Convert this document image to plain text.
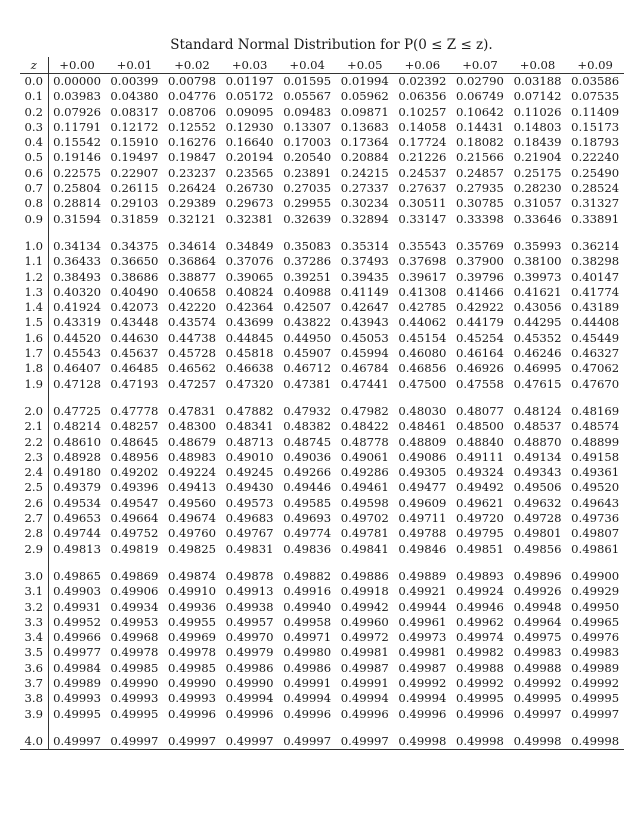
Standard Normal Distribution for P(0 ≤ Z ≤ z).
z	+0.00	+0.01	+0.02	+0.03	+0.04	+0.05	+0.06	+0.07	+0.08	+0.09
0.0	0.00000	0.00399	0.00798	0.01197	0.01595	0.01994	0.02392	0.02790	0.03188	0.03586
0.1	0.03983	0.04380	0.04776	0.05172	0.05567	0.05962	0.06356	0.06749	0.07142	0.07535
0.2	0.07926	0.08317	0.08706	0.09095	0.09483	0.09871	0.10257	0.10642	0.11026	0.11409
0.3	0.11791	0.12172	0.12552	0.12930	0.13307	0.13683	0.14058	0.14431	0.14803	0.15173
0.4	0.15542	0.15910	0.16276	0.16640	0.17003	0.17364	0.17724	0.18082	0.18439	0.18793
0.5	0.19146	0.19497	0.19847	0.20194	0.20540	0.20884	0.21226	0.21566	0.21904	0.22240
0.6	0.22575	0.22907	0.23237	0.23565	0.23891	0.24215	0.24537	0.24857	0.25175	0.25490
0.7	0.25804	0.26115	0.26424	0.26730	0.27035	0.27337	0.27637	0.27935	0.28230	0.28524
0.8	0.28814	0.29103	0.29389	0.29673	0.29955	0.30234	0.30511	0.30785	0.31057	0.31327
0.9	0.31594	0.31859	0.32121	0.32381	0.32639	0.32894	0.33147	0.33398	0.33646	0.33891
1.0	0.34134	0.34375	0.34614	0.34849	0.35083	0.35314	0.35543	0.35769	0.35993	0.36214
1.1	0.36433	0.36650	0.36864	0.37076	0.37286	0.37493	0.37698	0.37900	0.38100	0.38298
1.2	0.38493	0.38686	0.38877	0.39065	0.39251	0.39435	0.39617	0.39796	0.39973	0.40147
1.3	0.40320	0.40490	0.40658	0.40824	0.40988	0.41149	0.41308	0.41466	0.41621	0.41774
1.4	0.41924	0.42073	0.42220	0.42364	0.42507	0.42647	0.42785	0.42922	0.43056	0.43189
1.5	0.43319	0.43448	0.43574	0.43699	0.43822	0.43943	0.44062	0.44179	0.44295	0.44408
1.6	0.44520	0.44630	0.44738	0.44845	0.44950	0.45053	0.45154	0.45254	0.45352	0.45449
1.7	0.45543	0.45637	0.45728	0.45818	0.45907	0.45994	0.46080	0.46164	0.46246	0.46327
1.8	0.46407	0.46485	0.46562	0.46638	0.46712	0.46784	0.46856	0.46926	0.46995	0.47062
1.9	0.47128	0.47193	0.47257	0.47320	0.47381	0.47441	0.47500	0.47558	0.47615	0.47670
2.0	0.47725	0.47778	0.47831	0.47882	0.47932	0.47982	0.48030	0.48077	0.48124	0.48169
2.1	0.48214	0.48257	0.48300	0.48341	0.48382	0.48422	0.48461	0.48500	0.48537	0.48574
2.2	0.48610	0.48645	0.48679	0.48713	0.48745	0.48778	0.48809	0.48840	0.48870	0.48899
2.3	0.48928	0.48956	0.48983	0.49010	0.49036	0.49061	0.49086	0.49111	0.49134	0.49158
2.4	0.49180	0.49202	0.49224	0.49245	0.49266	0.49286	0.49305	0.49324	0.49343	0.49361
2.5	0.49379	0.49396	0.49413	0.49430	0.49446	0.49461	0.49477	0.49492	0.49506	0.49520
2.6	0.49534	0.49547	0.49560	0.49573	0.49585	0.49598	0.49609	0.49621	0.49632	0.49643
2.7	0.49653	0.49664	0.49674	0.49683	0.49693	0.49702	0.49711	0.49720	0.49728	0.49736
2.8	0.49744	0.49752	0.49760	0.49767	0.49774	0.49781	0.49788	0.49795	0.49801	0.49807
2.9	0.49813	0.49819	0.49825	0.49831	0.49836	0.49841	0.49846	0.49851	0.49856	0.49861
3.0	0.49865	0.49869	0.49874	0.49878	0.49882	0.49886	0.49889	0.49893	0.49896	0.49900
3.1	0.49903	0.49906	0.49910	0.49913	0.49916	0.49918	0.49921	0.49924	0.49926	0.49929
3.2	0.49931	0.49934	0.49936	0.49938	0.49940	0.49942	0.49944	0.49946	0.49948	0.49950
3.3	0.49952	0.49953	0.49955	0.49957	0.49958	0.49960	0.49961	0.49962	0.49964	0.49965
3.4	0.49966	0.49968	0.49969	0.49970	0.49971	0.49972	0.49973	0.49974	0.49975	0.49976
3.5	0.49977	0.49978	0.49978	0.49979	0.49980	0.49981	0.49981	0.49982	0.49983	0.49983
3.6	0.49984	0.49985	0.49985	0.49986	0.49986	0.49987	0.49987	0.49988	0.49988	0.49989
3.7	0.49989	0.49990	0.49990	0.49990	0.49991	0.49991	0.49992	0.49992	0.49992	0.49992
3.8	0.49993	0.49993	0.49993	0.49994	0.49994	0.49994	0.49994	0.49995	0.49995	0.49995
3.9	0.49995	0.49995	0.49996	0.49996	0.49996	0.49996	0.49996	0.49996	0.49997	0.49997
4.0	0.49997	0.49997	0.49997	0.49997	0.49997	0.49997	0.49998	0.49998	0.49998	0.49998
